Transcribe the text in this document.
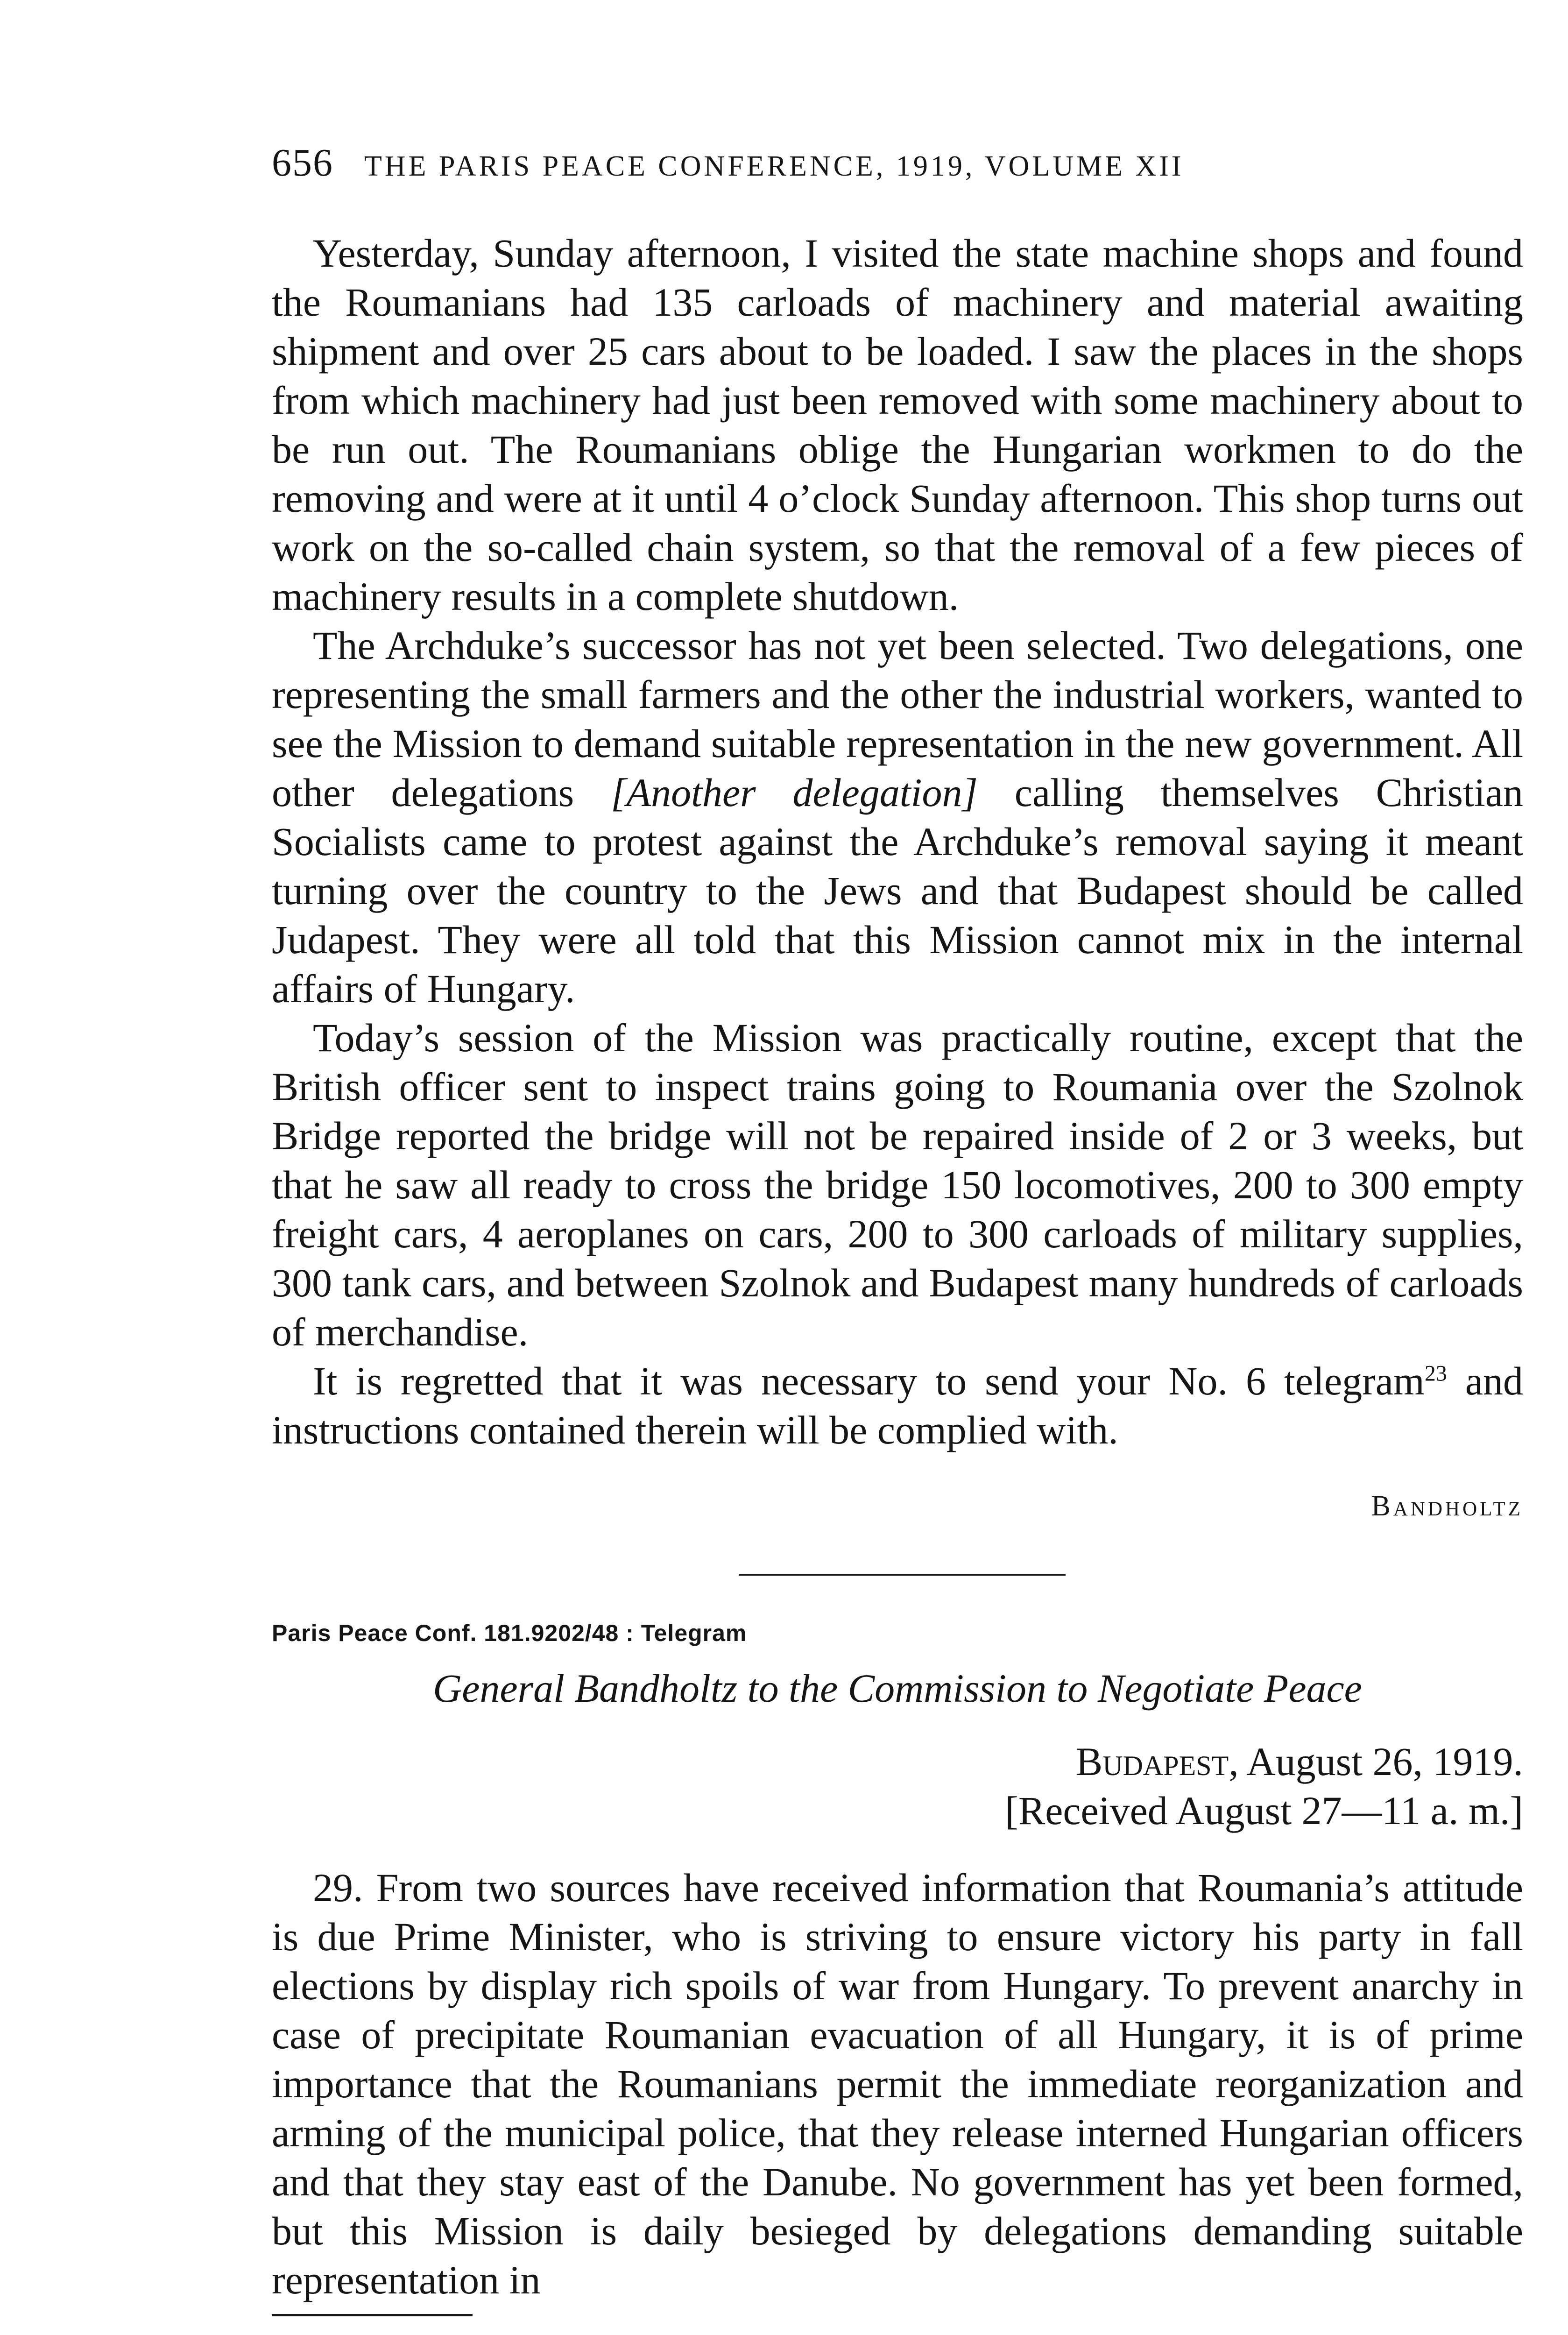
656 THE PARIS PEACE CONFERENCE, 1919, VOLUME XII

Yesterday, Sunday afternoon, I visited the state machine shops and found the Roumanians had 135 carloads of machinery and material awaiting shipment and over 25 cars about to be loaded. I saw the places in the shops from which machinery had just been removed with some machinery about to be run out. The Roumanians oblige the Hungarian workmen to do the removing and were at it until 4 o’clock Sunday afternoon. This shop turns out work on the so-called chain system, so that the removal of a few pieces of machinery results in a complete shutdown.

The Archduke’s successor has not yet been selected. Two delegations, one representing the small farmers and the other the industrial workers, wanted to see the Mission to demand suitable representation in the new government. All other delegations [Another delegation] calling themselves Christian Socialists came to protest against the Archduke’s removal saying it meant turning over the country to the Jews and that Budapest should be called Judapest. They were all told that this Mission cannot mix in the internal affairs of Hungary.

Today’s session of the Mission was practically routine, except that the British officer sent to inspect trains going to Roumania over the Szolnok Bridge reported the bridge will not be repaired inside of 2 or 3 weeks, but that he saw all ready to cross the bridge 150 locomotives, 200 to 300 empty freight cars, 4 aeroplanes on cars, 200 to 300 carloads of military supplies, 300 tank cars, and between Szolnok and Budapest many hundreds of carloads of merchandise.

It is regretted that it was necessary to send your No. 6 telegram$^{23}$ and instructions contained therein will be complied with.

Bandholtz
Paris Peace Conf. 181.9202/48 : Telegram
General Bandholtz to the Commission to Negotiate Peace
Budapest, August 26, 1919.
[Received August 27—11 a. m.]

29. From two sources have received information that Roumania’s attitude is due Prime Minister, who is striving to ensure victory his party in fall elections by display rich spoils of war from Hungary. To prevent anarchy in case of precipitate Roumanian evacuation of all Hungary, it is of prime importance that the Roumanians permit the immediate reorganization and arming of the municipal police, that they release interned Hungarian officers and that they stay east of the Danube. No government has yet been formed, but this Mission is daily besieged by delegations demanding suitable representation in
